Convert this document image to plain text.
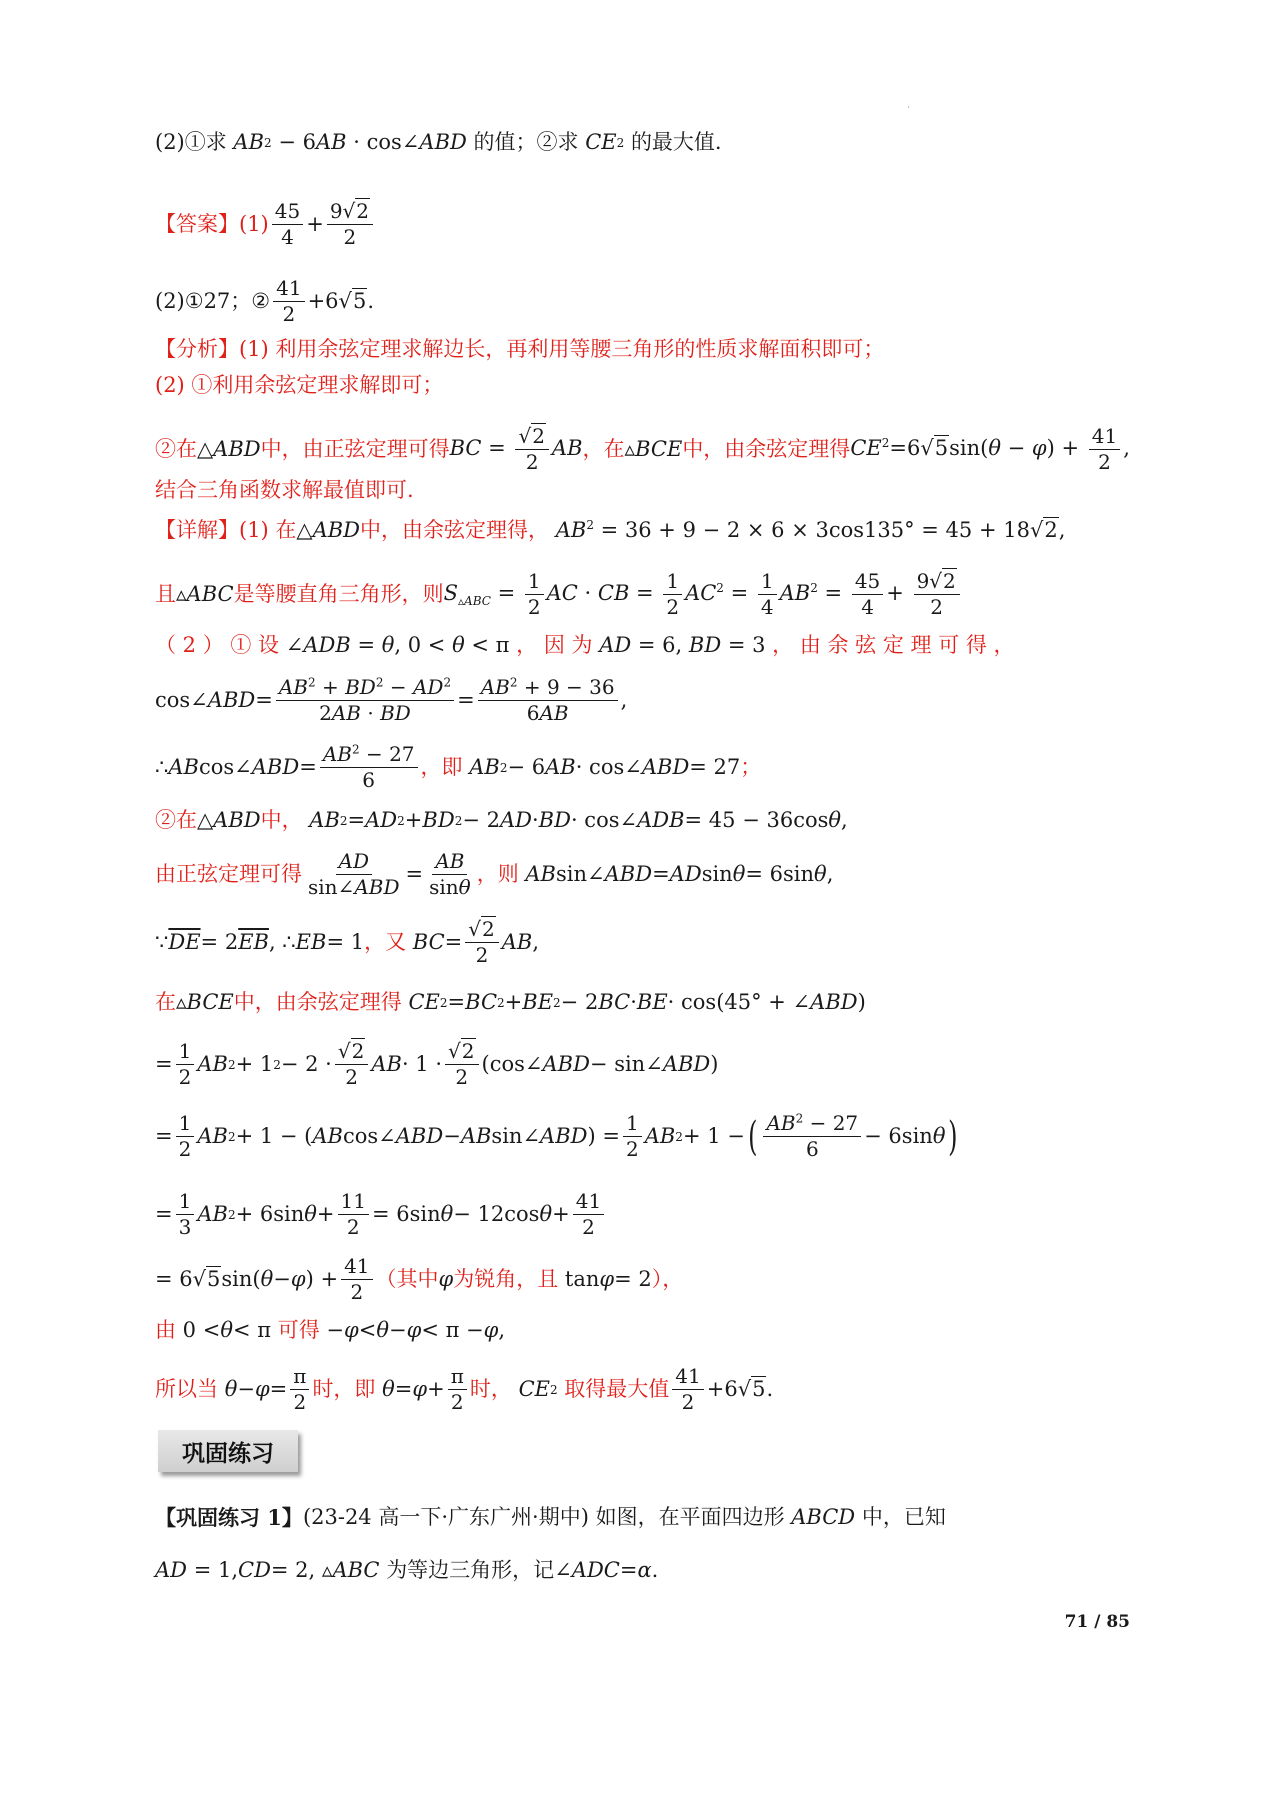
·
(2)①求 AB 2 − 6 AB · cos∠ ABD
的值；②求 CE 2
的最大值.
【答案】$(1) \frac{45}{4} + \frac{9√2}{2}$
(2)①27；② $\frac{41}{2} +6$ √5 .
【分析】 (1) 利用余弦定理求解边长，再利用等腰三角形的性质求解面积即可；
(2) ①利用余弦定理求解即可；
②在 △ABD 中，由正弦定理可得 BC = $\frac{√2}{2}$ AB ，在 ▵BCE 中，由余弦定理得 $CE^2=6√5\sin(\theta - \varphi) + \frac{41}{2}$ ,
结合三角函数求解最值即可.
【详解】 (1) 在 △ABD 中，由余弦定理得， $AB^2 = 36 + 9 - 2 \times 6 \times 3\cos 135^\circ = 45 + 18√2$,
且 ▵ABC 是等腰直角三角形，则 $S_{▵ABC} = \frac{1}{2}$ AC · CB = $\frac{1}{2} AC^2 = \frac{1}{4} AB^2 = \frac{45}{4} + \frac{9√2}{2}$
（ 2 ） ① 设 ∠ADB = θ, 0 < θ < π ， 因 为 AD = 6, BD = 3 ， 由 余 弦 定 理 可 得 ，
cos∠ ABD = $\frac{AB^2 + BD^2 - AD^2}{2AB \cdot BD} = \frac{AB^2 + 9 - 36}{6AB}$ ,
∴ AB cos∠ ABD = $\frac{AB^2 - 27}{6}$ ，即
AB 2 − 6 AB · cos∠ ABD = 27 ；
②在 △ ABD 中，
AB 2 = AD 2 + BD 2 − 2 AD · BD · cos∠ ADB = 45 − 36cos θ ,
由正弦定理可得 $\frac{AD}{\text{sin∠ABD}} = \frac{AB}{\sin\theta}$ ，则
AB sin∠ ABD = AD sin θ = 6sin θ ,
∵ $\overline{DE} = 2$ $\overline{EB}$ , ∴ EB = 1 ，又
BC = $\frac{√2}{2}$ AB ,
在 ▵ BCE 中，由余弦定理得
CE 2 = BC 2 + BE 2 − 2 BC · BE · cos(45° + ∠ ABD )
= $\frac{1}{2}$ AB 2 + 1 $2 - 2 \cdot \frac{√2}{2}$ AB · $1 \cdot \frac{√2}{2}$ (cos∠ ABD − sin∠ ABD )
= $\frac{1}{2}$ AB 2 + 1 − ( AB cos∠ ABD − AB sin∠ ABD ) = $\frac{1}{2}$ AB 2 + 1 − ( $\frac{AB^2 - 27}{6} - 6\sin$ θ )
= $\frac{1}{3}$ AB 2 + 6sin $\theta + \frac{11}{2} = 6\sin$ θ − 12cos $\theta + \frac{41}{2}$
= 6 √5 sin( θ − φ ) + $\frac{41}{2}$ （其中 φ 为锐角，且 tan φ = 2 ），
由 0 < θ < π 可得 − φ < θ − φ < π − φ ,
所以当
$\theta - \varphi = \frac{\pi}{2}$ 时，即
$\theta = \varphi + \frac{\pi}{2}$ 时，
CE 2
取得最大值 $\frac{41}{2} +6$ √5 .
巩固练习
【巩固练习 1】 (23-24 高一下·广东广州·期中)
如图，在平面四边形 ABCD 中，已知
AD = 1, CD = 2, ▵ ABC
为等边三角形，记 ∠ ADC = α .
71 / 85
